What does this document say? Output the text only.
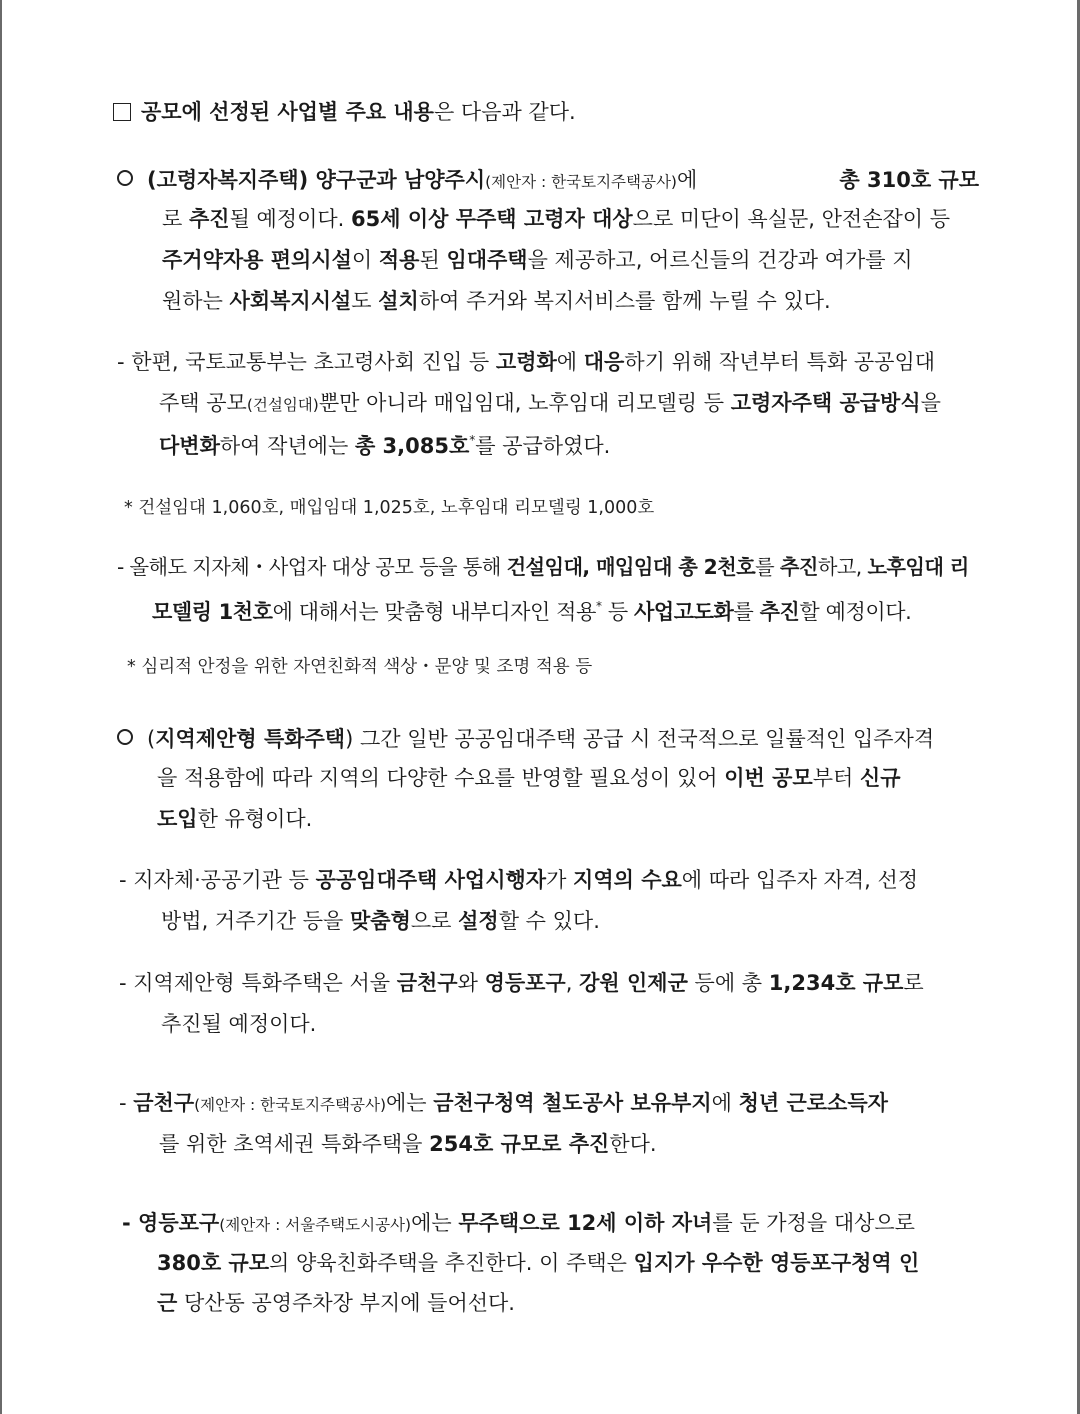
공모에 선정된 사업별 주요 내용은 다음과 같다.
(고령자복지주택) 양구군과 남양주시(제안자 : 한국토지주택공사)에	총 310호 규모
로 추진될 예정이다. 65세 이상 무주택 고령자 대상으로 미단이 욕실문, 안전손잡이 등
주거약자용 편의시설이 적용된 임대주택을 제공하고, 어르신들의 건강과 여가를 지
원하는 사회복지시설도 설치하여 주거와 복지서비스를 함께 누릴 수 있다.
- 한편, 국토교통부는 초고령사회 진입 등 고령화에 대응하기 위해 작년부터 특화 공공임대
주택 공모(건설임대)뿐만 아니라 매입임대, 노후임대 리모델링 등 고령자주택 공급방식을
다변화하여 작년에는 총 3,085호*를 공급하였다.
* 건설임대 1,060호, 매입임대 1,025호, 노후임대 리모델링 1,000호
- 올해도 지자체・사업자 대상 공모 등을 통해 건설임대, 매입임대 총 2천호를 추진하고, 노후임대 리
모델링 1천호에 대해서는 맞춤형 내부디자인 적용* 등 사업고도화를 추진할 예정이다.
* 심리적 안정을 위한 자연친화적 색상・문양 및 조명 적용 등
(지역제안형 특화주택) 그간 일반 공공임대주택 공급 시 전국적으로 일률적인 입주자격
을 적용함에 따라 지역의 다양한 수요를 반영할 필요성이 있어 이번 공모부터 신규
도입한 유형이다.
- 지자체·공공기관 등 공공임대주택 사업시행자가 지역의 수요에 따라 입주자 자격, 선정
방법, 거주기간 등을 맞춤형으로 설정할 수 있다.
- 지역제안형 특화주택은 서울 금천구와 영등포구, 강원 인제군 등에 총 1,234호 규모로
추진될 예정이다.
- 금천구(제안자 : 한국토지주택공사)에는 금천구청역 철도공사 보유부지에 청년 근로소득자
를 위한 초역세권 특화주택을 254호 규모로 추진한다.
- 영등포구(제안자 : 서울주택도시공사)에는 무주택으로 12세 이하 자녀를 둔 가정을 대상으로
380호 규모의 양육친화주택을 추진한다. 이 주택은 입지가 우수한 영등포구청역 인
근 당산동 공영주차장 부지에 들어선다.
